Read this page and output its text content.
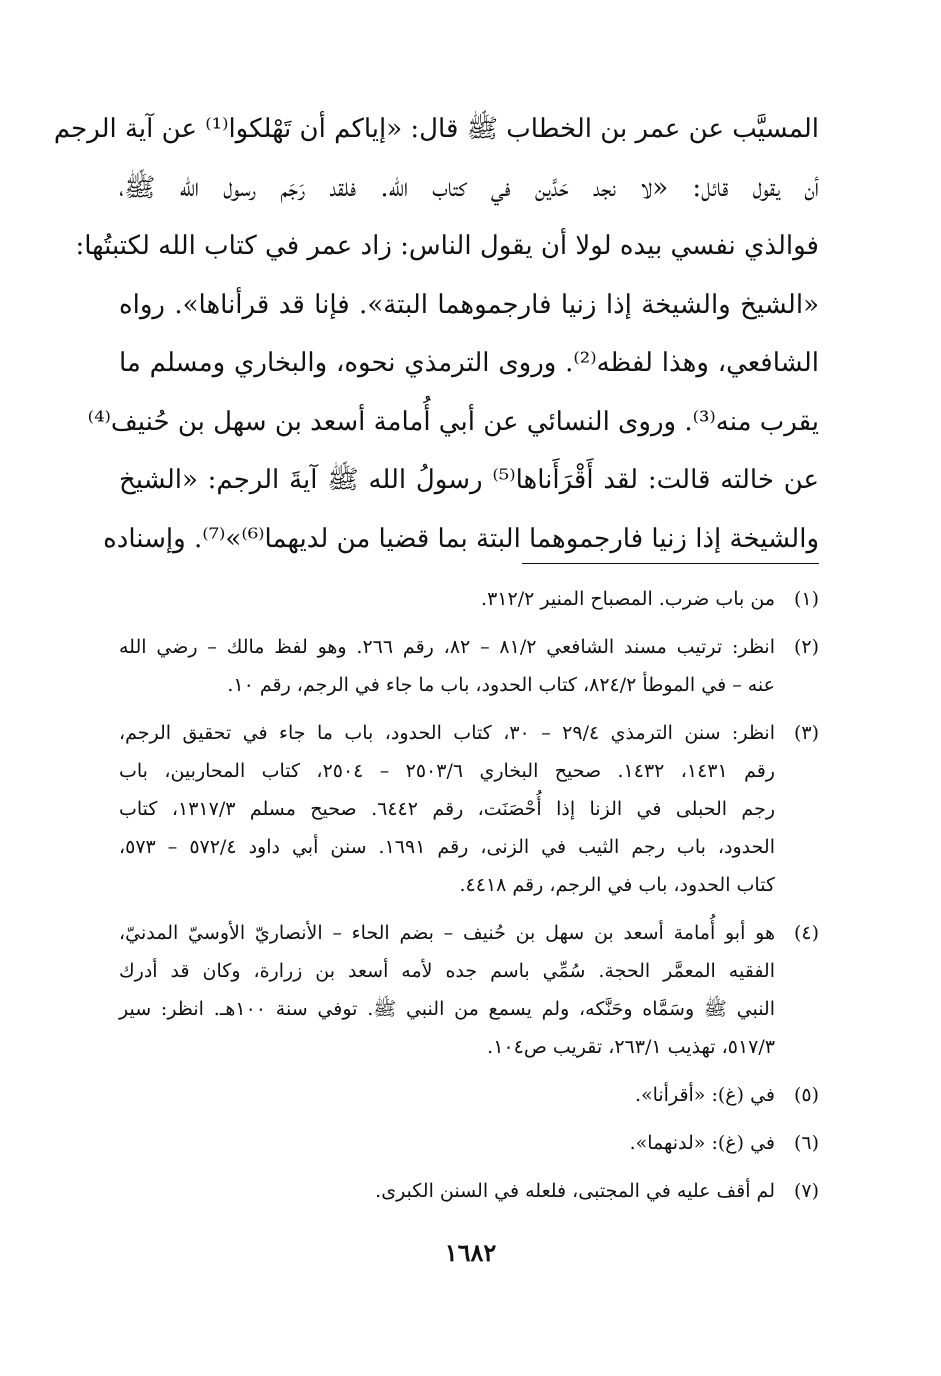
المسيَّب عن عمر بن الخطاب ﷺ قال: «إياكم أن تَهْلكوا⁽¹⁾ عن آية الرجم
أن يقول قائل: «لا نجد حَدَّين في كتاب الله. فلقد رَجَم رسول الله ﷺ،
فوالذي نفسي بيده لولا أن يقول الناس: زاد عمر في كتاب الله لكتبتُها:
«الشيخ والشيخة إذا زنيا فارجموهما البتة». فإنا قد قرأناها». رواه
الشافعي، وهذا لفظه⁽²⁾. وروى الترمذي نحوه، والبخاري ومسلم ما
يقرب منه⁽³⁾. وروى النسائي عن أبي أُمامة أسعد بن سهل بن حُنيف⁽⁴⁾
عن خالته قالت: لقد أَقْرَأَناها⁽⁵⁾ رسولُ الله ﷺ آيةَ الرجم: «الشيخ
والشيخة إذا زنيا فارجموهما البتة بما قضيا من لديهما⁽⁶⁾»⁽⁷⁾. وإسناده
(١)
من باب ضرب. المصباح المنير ٣١٢/٢.
(٢)
انظر: ترتيب مسند الشافعي ٨١/٢ – ٨٢، رقم ٢٦٦. وهو لفظ مالك – رضي الله
عنه – في الموطأ ٨٢٤/٢، كتاب الحدود، باب ما جاء في الرجم، رقم ١٠.
(٣)
انظر: سنن الترمذي ٢٩/٤ – ٣٠، كتاب الحدود، باب ما جاء في تحقيق الرجم،
رقم ١٤٣١، ١٤٣٢. صحيح البخاري ٢٥٠٣/٦ – ٢٥٠٤، كتاب المحاربين، باب
رجم الحبلى في الزنا إذا أُحْصَنَت، رقم ٦٤٤٢. صحيح مسلم ١٣١٧/٣، كتاب
الحدود، باب رجم الثيب في الزنى، رقم ١٦٩١. سنن أبي داود ٥٧٢/٤ – ٥٧٣،
كتاب الحدود، باب في الرجم، رقم ٤٤١٨.
(٤)
هو أبو أُمامة أسعد بن سهل بن حُنيف – بضم الحاء – الأنصاريّ الأوسيّ المدنيّ،
الفقيه المعمَّر الحجة. سُمِّي باسم جده لأمه أسعد بن زرارة، وكان قد أدرك
النبي ﷺ وسَمَّاه وحَنَّكه، ولم يسمع من النبي ﷺ. توفي سنة ١٠٠هـ. انظر: سير
٥١٧/٣، تهذيب ٢٦٣/١، تقريب ص١٠٤.
(٥)
في (غ): «أقرأنا».
(٦)
في (غ): «لدنهما».
(٧)
لم أقف عليه في المجتبى، فلعله في السنن الكبرى.
١٦٨٢
